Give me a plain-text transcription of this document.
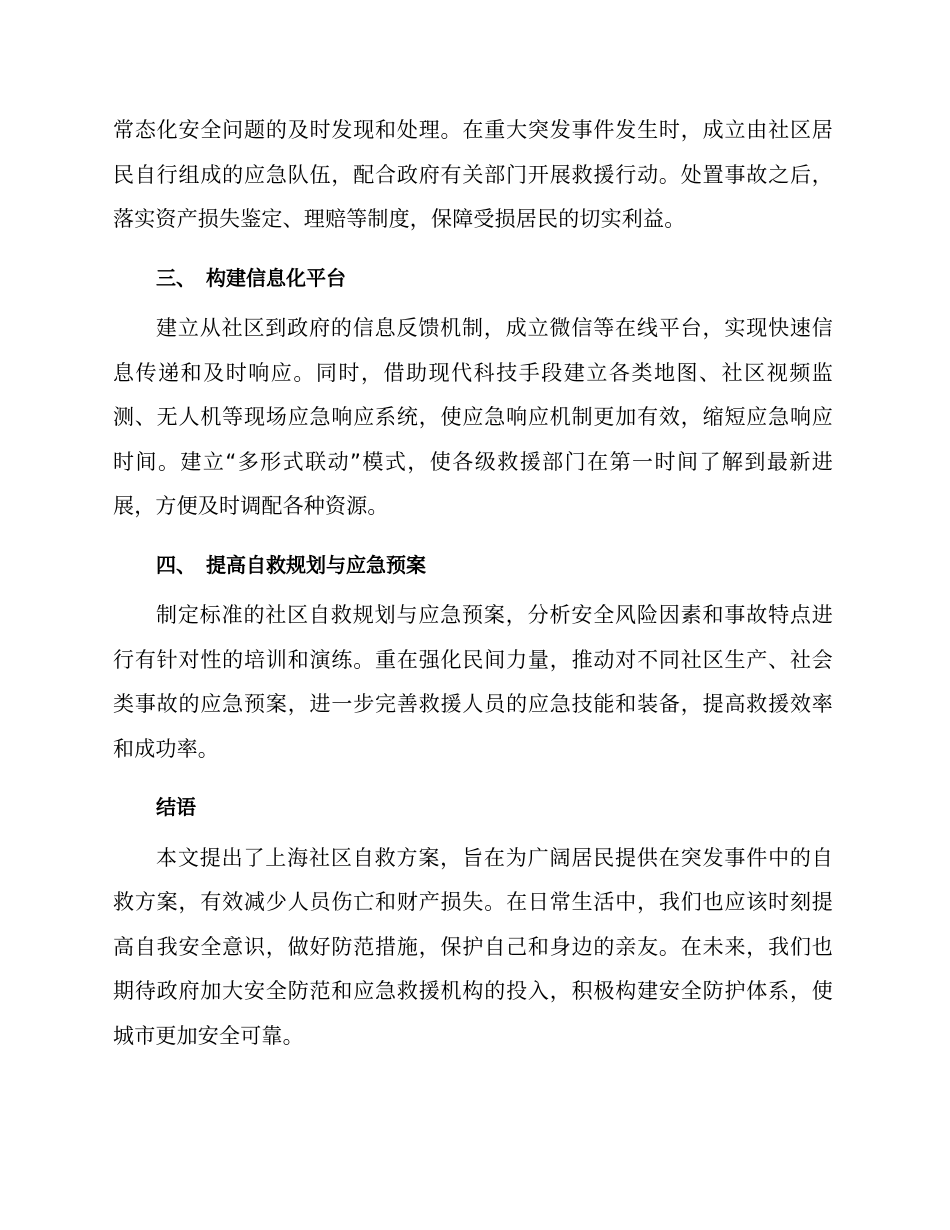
常态化安全问题的及时发现和处理。在重大突发事件发生时，成立由社区居民自行组成的应急队伍，配合政府有关部门开展救援行动。处置事故之后，落实资产损失鉴定、理赔等制度，保障受损居民的切实利益。

三、 构建信息化平台

建立从社区到政府的信息反馈机制，成立微信等在线平台，实现快速信息传递和及时响应。同时，借助现代科技手段建立各类地图、社区视频监测、无人机等现场应急响应系统，使应急响应机制更加有效，缩短应急响应时间。建立“多形式联动”模式，使各级救援部门在第一时间了解到最新进展，方便及时调配各种资源。

四、 提高自救规划与应急预案

制定标准的社区自救规划与应急预案，分析安全风险因素和事故特点进行有针对性的培训和演练。重在强化民间力量，推动对不同社区生产、社会类事故的应急预案，进一步完善救援人员的应急技能和装备，提高救援效率和成功率。

结语

本文提出了上海社区自救方案，旨在为广阔居民提供在突发事件中的自救方案，有效减少人员伤亡和财产损失。在日常生活中，我们也应该时刻提高自我安全意识，做好防范措施，保护自己和身边的亲友。在未来，我们也期待政府加大安全防范和应急救援机构的投入，积极构建安全防护体系，使城市更加安全可靠。
